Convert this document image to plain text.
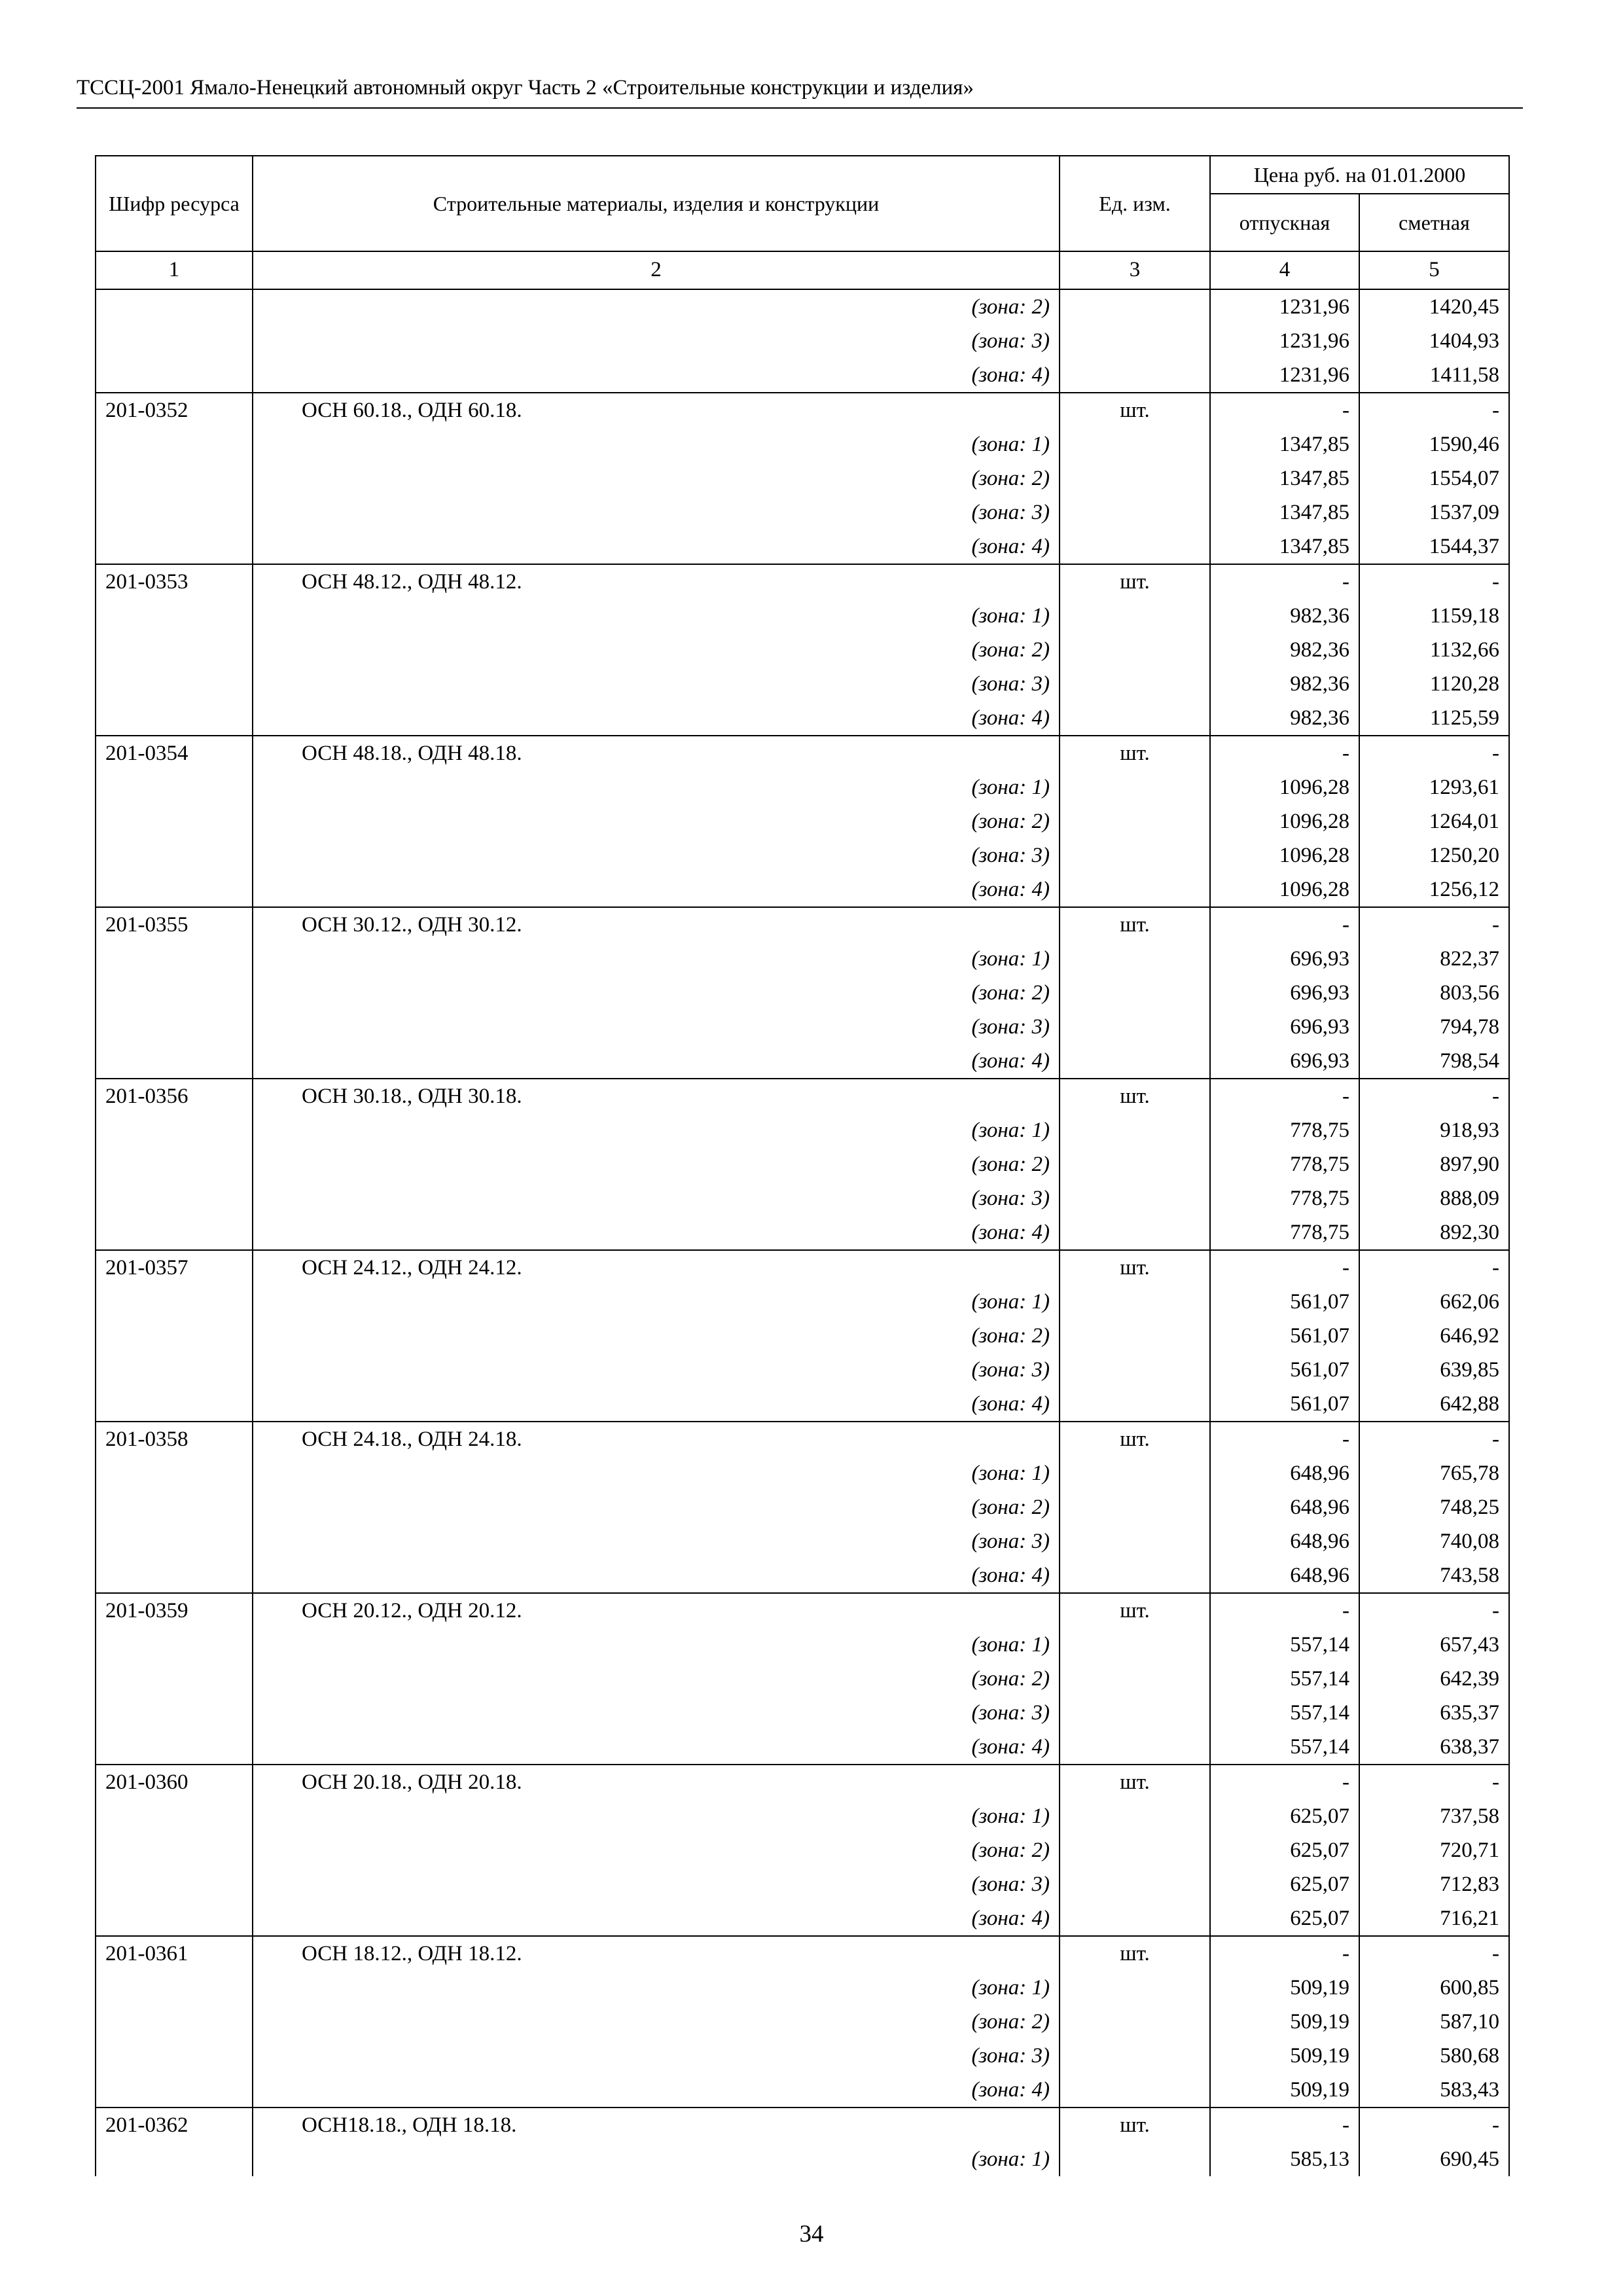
ТССЦ-2001 Ямало-Ненецкий автономный округ Часть 2 «Строительные конструкции и изделия»
Шифр ресурса	Строительные материалы, изделия и конструкции	Ед. изм.	Цена руб. на 01.01.2000	
			отпускная	сметная
1	2	3	4	5
	(зона: 2)		1231,96	1420,45
	(зона: 3)		1231,96	1404,93
	(зона: 4)		1231,96	1411,58
201-0352	ОСН 60.18., ОДН 60.18.	шт.	-	-
	(зона: 1)		1347,85	1590,46
	(зона: 2)		1347,85	1554,07
	(зона: 3)		1347,85	1537,09
	(зона: 4)		1347,85	1544,37
201-0353	ОСН 48.12., ОДН 48.12.	шт.	-	-
	(зона: 1)		982,36	1159,18
	(зона: 2)		982,36	1132,66
	(зона: 3)		982,36	1120,28
	(зона: 4)		982,36	1125,59
201-0354	ОСН 48.18., ОДН 48.18.	шт.	-	-
	(зона: 1)		1096,28	1293,61
	(зона: 2)		1096,28	1264,01
	(зона: 3)		1096,28	1250,20
	(зона: 4)		1096,28	1256,12
201-0355	ОСН 30.12., ОДН 30.12.	шт.	-	-
	(зона: 1)		696,93	822,37
	(зона: 2)		696,93	803,56
	(зона: 3)		696,93	794,78
	(зона: 4)		696,93	798,54
201-0356	ОСН 30.18., ОДН 30.18.	шт.	-	-
	(зона: 1)		778,75	918,93
	(зона: 2)		778,75	897,90
	(зона: 3)		778,75	888,09
	(зона: 4)		778,75	892,30
201-0357	ОСН 24.12., ОДН 24.12.	шт.	-	-
	(зона: 1)		561,07	662,06
	(зона: 2)		561,07	646,92
	(зона: 3)		561,07	639,85
	(зона: 4)		561,07	642,88
201-0358	ОСН 24.18., ОДН 24.18.	шт.	-	-
	(зона: 1)		648,96	765,78
	(зона: 2)		648,96	748,25
	(зона: 3)		648,96	740,08
	(зона: 4)		648,96	743,58
201-0359	ОСН 20.12., ОДН 20.12.	шт.	-	-
	(зона: 1)		557,14	657,43
	(зона: 2)		557,14	642,39
	(зона: 3)		557,14	635,37
	(зона: 4)		557,14	638,37
201-0360	ОСН 20.18., ОДН 20.18.	шт.	-	-
	(зона: 1)		625,07	737,58
	(зона: 2)		625,07	720,71
	(зона: 3)		625,07	712,83
	(зона: 4)		625,07	716,21
201-0361	ОСН 18.12., ОДН 18.12.	шт.	-	-
	(зона: 1)		509,19	600,85
	(зона: 2)		509,19	587,10
	(зона: 3)		509,19	580,68
	(зона: 4)		509,19	583,43
201-0362	ОСН18.18., ОДН 18.18.	шт.	-	-
	(зона: 1)		585,13	690,45
34
